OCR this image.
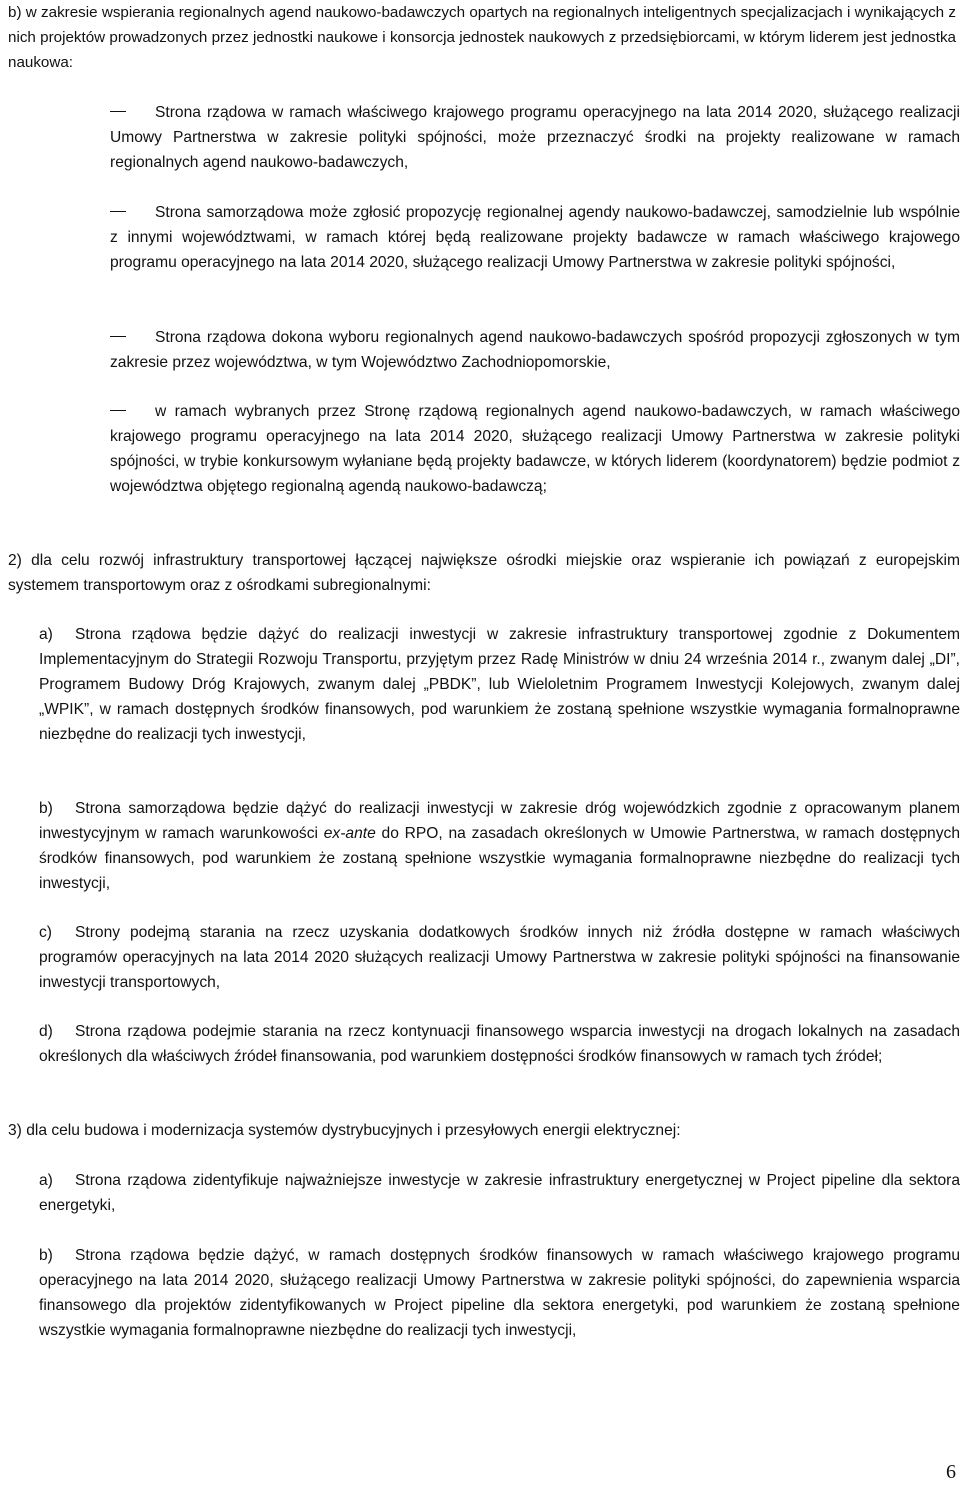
b) w zakresie wspierania regionalnych agend naukowo-badawczych opartych na regionalnych inteligentnych specjalizacjach i wynikających z nich projektów prowadzonych przez jednostki naukowe i konsorcja jednostek naukowych z przedsiębiorcami, w którym liderem jest jednostka naukowa:

Strona rządowa w ramach właściwego krajowego programu operacyjnego na lata 2014 2020, służącego realizacji Umowy Partnerstwa w zakresie polityki spójności, może przeznaczyć środki na projekty realizowane w ramach regionalnych agend naukowo-badawczych,

Strona samorządowa może zgłosić propozycję regionalnej agendy naukowo-badawczej, samodzielnie lub wspólnie z innymi województwami, w ramach której będą realizowane projekty badawcze w ramach właściwego krajowego programu operacyjnego na lata 2014 2020, służącego realizacji Umowy Partnerstwa w zakresie polityki spójności,

Strona rządowa dokona wyboru regionalnych agend naukowo-badawczych spośród propozycji zgłoszonych w tym zakresie przez województwa, w tym Województwo Zachodniopomorskie,

w ramach wybranych przez Stronę rządową regionalnych agend naukowo-badawczych, w ramach właściwego krajowego programu operacyjnego na lata 2014 2020, służącego realizacji Umowy Partnerstwa w zakresie polityki spójności, w trybie konkursowym wyłaniane będą projekty badawcze, w których liderem (koordynatorem) będzie podmiot z województwa objętego regionalną agendą naukowo-badawczą;

2) dla celu rozwój infrastruktury transportowej łączącej największe ośrodki miejskie oraz wspieranie ich powiązań z europejskim systemem transportowym oraz z ośrodkami subregionalnymi:

a) Strona rządowa będzie dążyć do realizacji inwestycji w zakresie infrastruktury transportowej zgodnie z Dokumentem Implementacyjnym do Strategii Rozwoju Transportu, przyjętym przez Radę Ministrów w dniu 24 września 2014 r., zwanym dalej „DI”, Programem Budowy Dróg Krajowych, zwanym dalej „PBDK”, lub Wieloletnim Programem Inwestycji Kolejowych, zwanym dalej „WPIK”, w ramach dostępnych środków finansowych, pod warunkiem że zostaną spełnione wszystkie wymagania formalnoprawne niezbędne do realizacji tych inwestycji,

b) Strona samorządowa będzie dążyć do realizacji inwestycji w zakresie dróg wojewódzkich zgodnie z opracowanym planem inwestycyjnym w ramach warunkowości ex-ante do RPO, na zasadach określonych w Umowie Partnerstwa, w ramach dostępnych środków finansowych, pod warunkiem że zostaną spełnione wszystkie wymagania formalnoprawne niezbędne do realizacji tych inwestycji,

c) Strony podejmą starania na rzecz uzyskania dodatkowych środków innych niż źródła dostępne w ramach właściwych programów operacyjnych na lata 2014 2020 służących realizacji Umowy Partnerstwa w zakresie polityki spójności na finansowanie inwestycji transportowych,

d) Strona rządowa podejmie starania na rzecz kontynuacji finansowego wsparcia inwestycji na drogach lokalnych na zasadach określonych dla właściwych źródeł finansowania, pod warunkiem dostępności środków finansowych w ramach tych źródeł;

3) dla celu budowa i modernizacja systemów dystrybucyjnych i przesyłowych energii elektrycznej:

a) Strona rządowa zidentyfikuje najważniejsze inwestycje w zakresie infrastruktury energetycznej w Project pipeline dla sektora energetyki,

b) Strona rządowa będzie dążyć, w ramach dostępnych środków finansowych w ramach właściwego krajowego programu operacyjnego na lata 2014 2020, służącego realizacji Umowy Partnerstwa w zakresie polityki spójności, do zapewnienia wsparcia finansowego dla projektów zidentyfikowanych w Project pipeline dla sektora energetyki, pod warunkiem że zostaną spełnione wszystkie wymagania formalnoprawne niezbędne do realizacji tych inwestycji,

6
